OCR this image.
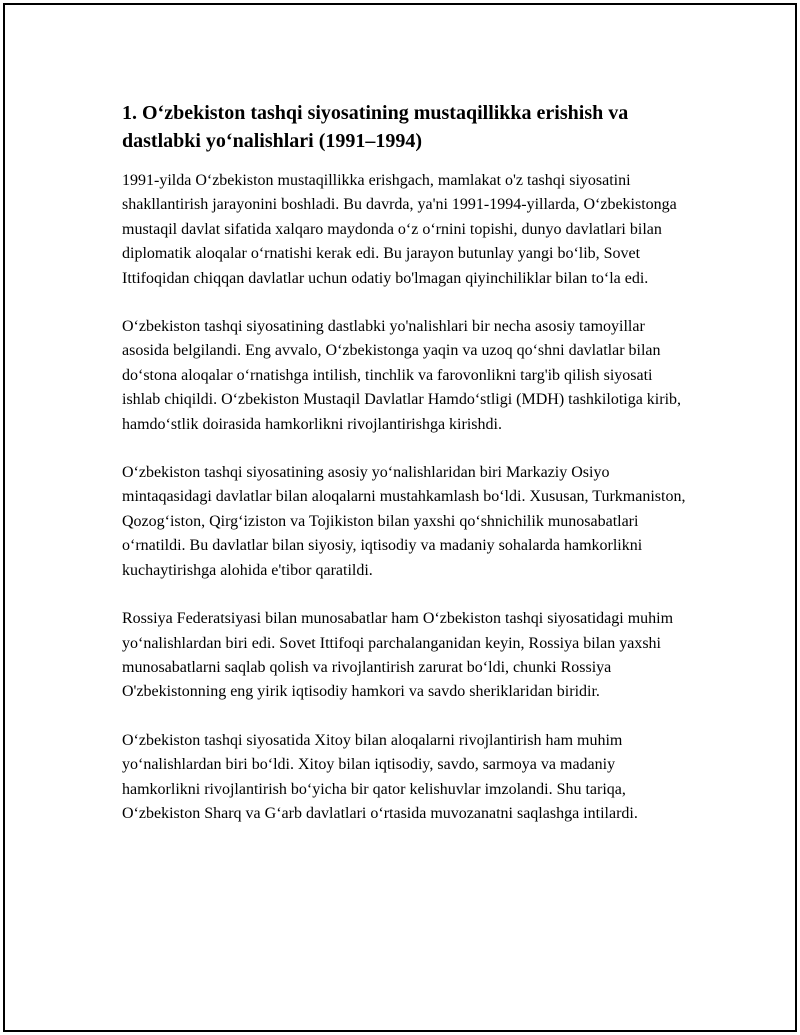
1. O‘zbekiston tashqi siyosatining mustaqillikka erishish va dastlabki yo‘nalishlari (1991–1994)

1991-yilda O‘zbekiston mustaqillikka erishgach, mamlakat o'z tashqi siyosatini shakllantirish jarayonini boshladi. Bu davrda, ya'ni 1991-1994-yillarda, O‘zbekistonga mustaqil davlat sifatida xalqaro maydonda o‘z o‘rnini topishi, dunyo davlatlari bilan diplomatik aloqalar o‘rnatishi kerak edi. Bu jarayon butunlay yangi bo‘lib, Sovet Ittifoqidan chiqqan davlatlar uchun odatiy bo'lmagan qiyinchiliklar bilan to‘la edi.

O‘zbekiston tashqi siyosatining dastlabki yo'nalishlari bir necha asosiy tamoyillar asosida belgilandi. Eng avvalo, O‘zbekistonga yaqin va uzoq qo‘shni davlatlar bilan do‘stona aloqalar o‘rnatishga intilish, tinchlik va farovonlikni targ'ib qilish siyosati ishlab chiqildi. O‘zbekiston Mustaqil Davlatlar Hamdo‘stligi (MDH) tashkilotiga kirib, hamdo‘stlik doirasida hamkorlikni rivojlantirishga kirishdi.

O‘zbekiston tashqi siyosatining asosiy yo‘nalishlaridan biri Markaziy Osiyo mintaqasidagi davlatlar bilan aloqalarni mustahkamlash bo‘ldi. Xususan, Turkmaniston, Qozog‘iston, Qirg‘iziston va Tojikiston bilan yaxshi qo‘shnichilik munosabatlari o‘rnatildi. Bu davlatlar bilan siyosiy, iqtisodiy va madaniy sohalarda hamkorlikni kuchaytirishga alohida e'tibor qaratildi.

Rossiya Federatsiyasi bilan munosabatlar ham O‘zbekiston tashqi siyosatidagi muhim yo‘nalishlardan biri edi. Sovet Ittifoqi parchalanganidan keyin, Rossiya bilan yaxshi munosabatlarni saqlab qolish va rivojlantirish zarurat bo‘ldi, chunki Rossiya O'zbekistonning eng yirik iqtisodiy hamkori va savdo sheriklaridan biridir.

O‘zbekiston tashqi siyosatida Xitoy bilan aloqalarni rivojlantirish ham muhim yo‘nalishlardan biri bo‘ldi. Xitoy bilan iqtisodiy, savdo, sarmoya va madaniy hamkorlikni rivojlantirish bo‘yicha bir qator kelishuvlar imzolandi. Shu tariqa, O‘zbekiston Sharq va G‘arb davlatlari o‘rtasida muvozanatni saqlashga intilardi.
